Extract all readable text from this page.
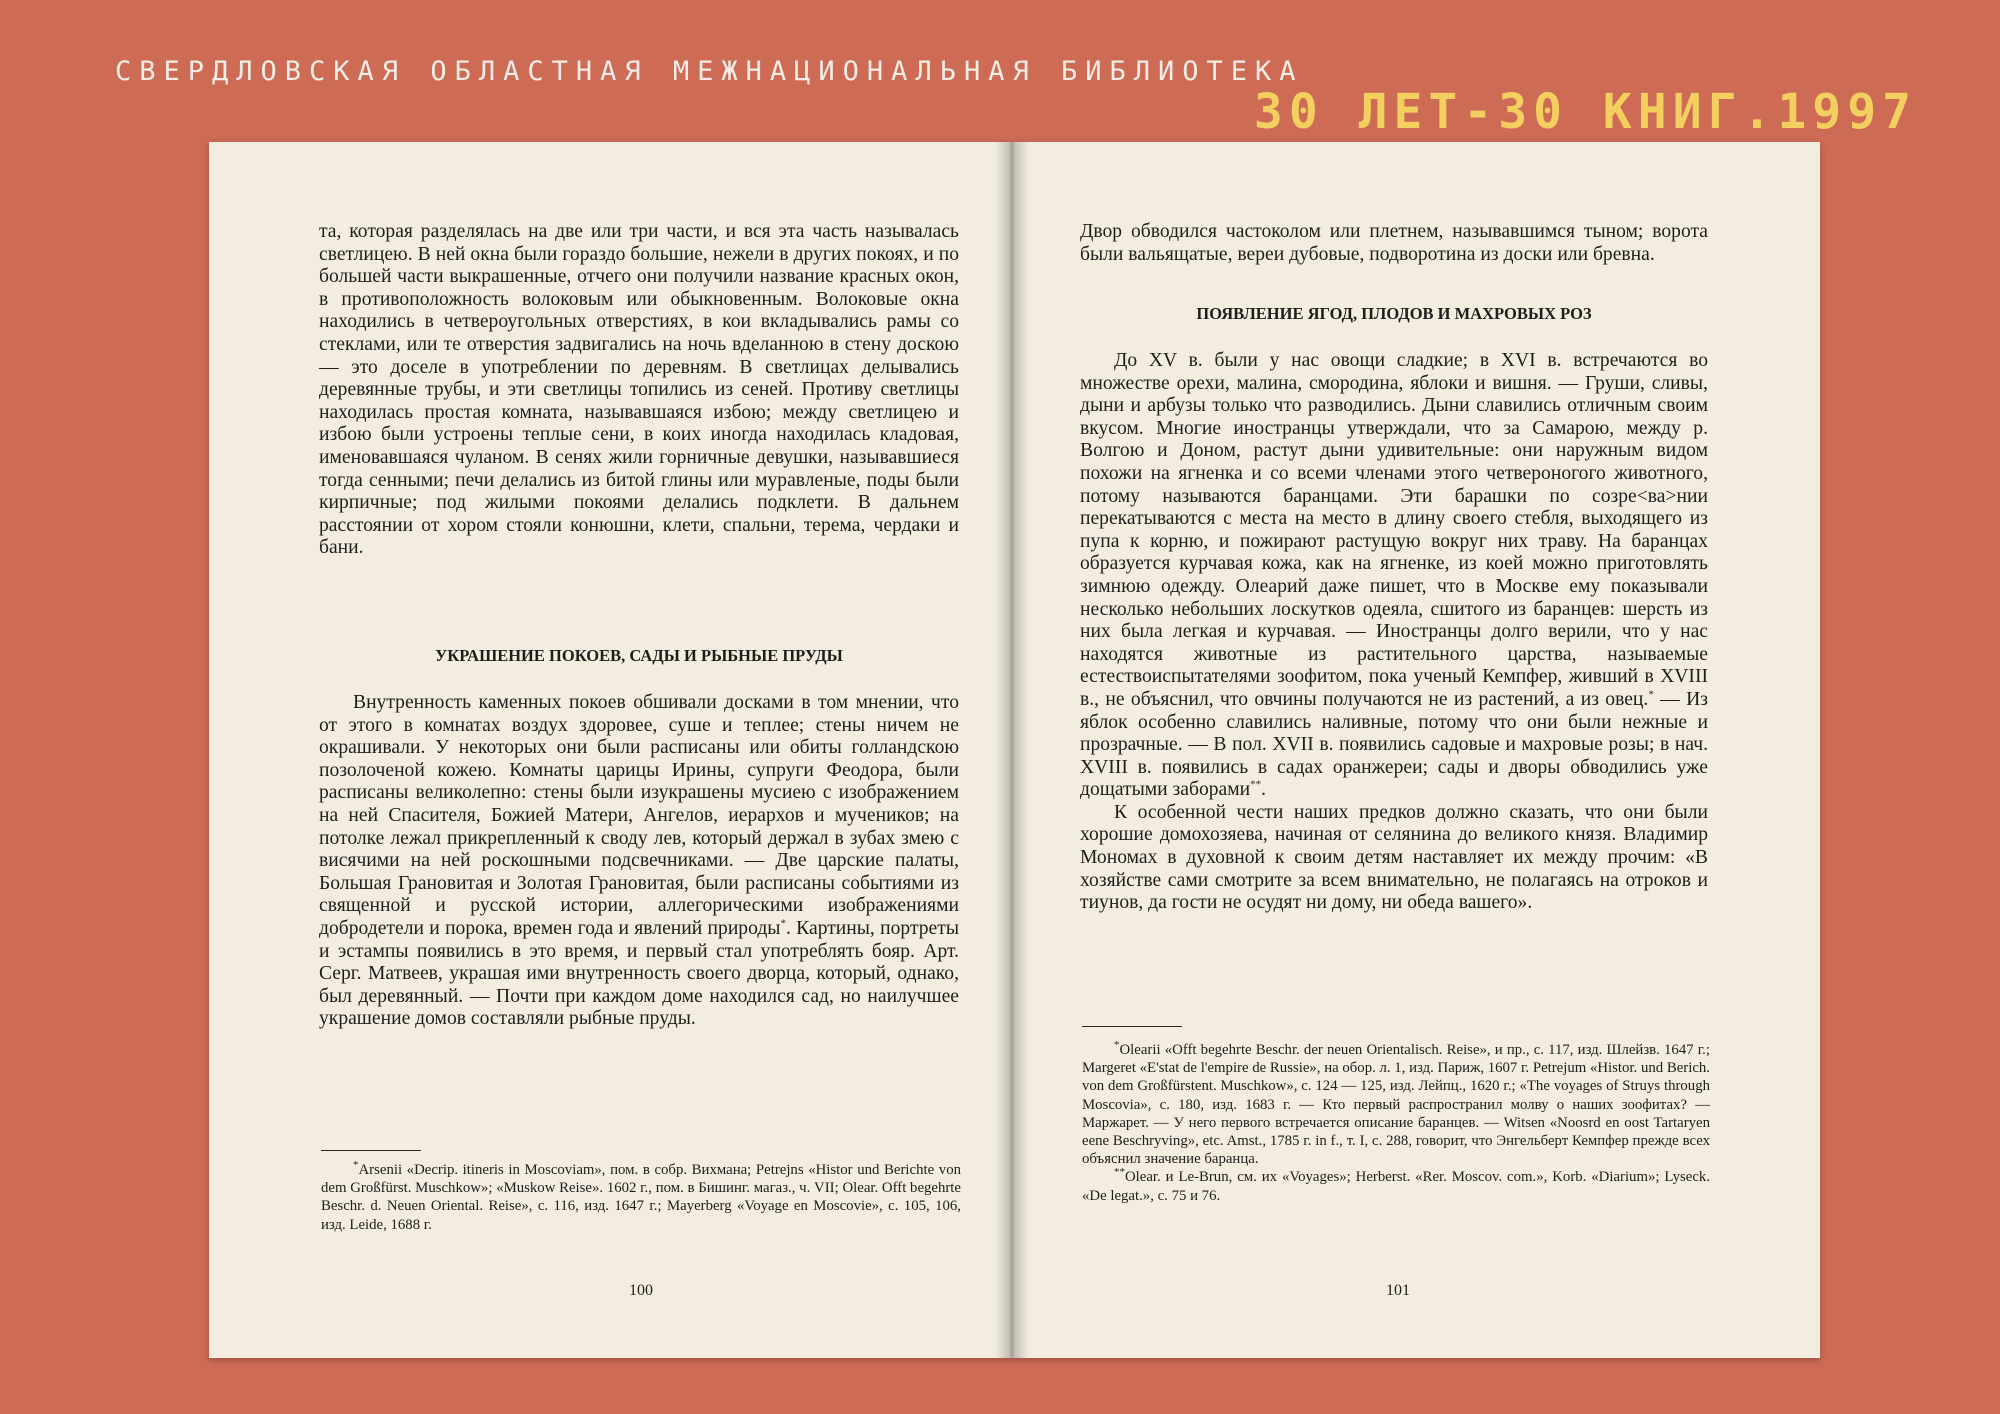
СВЕРДЛОВСКАЯ ОБЛАСТНАЯ МЕЖНАЦИОНАЛЬНАЯ БИБЛИОТЕКА
30 ЛЕТ-30 КНИГ.1997

та, которая разделялась на две или три части, и вся эта часть называлась светлицею. В ней окна были гораздо большие, нежели в других покоях, и по большей части выкрашенные, отчего они получили название красных окон, в противоположность волоковым или обыкновенным. Волоковые окна находились в четвероугольных отверстиях, в кои вкладывались рамы со стеклами, или те отверстия задвигались на ночь вделанною в стену доскою — это доселе в употреблении по деревням. В светлицах делывались деревянные трубы, и эти светлицы топились из сеней. Противу светлицы находилась простая комната, называвшаяся избою; между светлицею и избою были устроены теплые сени, в коих иногда находилась кладовая, именовавшаяся чуланом. В сенях жили горничные девушки, называвшиеся тогда сенными; печи делались из битой глины или муравленые, поды были кирпичные; под жилыми покоями делались подклети. В дальнем расстоянии от хором стояли конюшни, клети, спальни, терема, чердаки и бани.

УКРАШЕНИЕ ПОКОЕВ, САДЫ И РЫБНЫЕ ПРУДЫ

Внутренность каменных покоев обшивали досками в том мнении, что от этого в комнатах воздух здоровее, суше и теплее; стены ничем не окрашивали. У некоторых они были расписаны или обиты голландскою позолоченой кожею. Комнаты царицы Ирины, супруги Феодора, были расписаны великолепно: стены были изукрашены мусиею с изображением на ней Спасителя, Божией Матери, Ангелов, иерархов и мучеников; на потолке лежал прикрепленный к своду лев, который держал в зубах змею с висячими на ней роскошными подсвечниками. — Две царские палаты, Большая Грановитая и Золотая Грановитая, были расписаны событиями из священной и русской истории, аллегорическими изображениями добродетели и порока, времен года и явлений природы*. Картины, портреты и эстампы появились в это время, и первый стал употреблять бояр. Арт. Серг. Матвеев, украшая ими внутренность своего дворца, который, однако, был деревянный. — Почти при каждом доме находился сад, но наилучшее украшение домов составляли рыбные пруды.

*Arsenii «Decrip. itineris in Moscoviam», пом. в собр. Вихмана; Petrejns «Histor und Berichte von dem Großfürst. Muschkow»; «Muskow Reise». 1602 г., пом. в Бишинг. магаз., ч. VII; Olear. Offt begehrte Beschr. d. Neuen Oriental. Reise», с. 116, изд. 1647 г.; Mayerberg «Voyage en Moscovie», с. 105, 106, изд. Leide, 1688 г.

100

Двор обводился частоколом или плетнем, называвшимся тыном; ворота были вальящатые, вереи дубовые, подворотина из доски или бревна.

ПОЯВЛЕНИЕ ЯГОД, ПЛОДОВ И МАХРОВЫХ РОЗ

До XV в. были у нас овощи сладкие; в XVI в. встречаются во множестве орехи, малина, смородина, яблоки и вишня. — Груши, сливы, дыни и арбузы только что разводились. Дыни славились отличным своим вкусом. Многие иностранцы утверждали, что за Самарою, между р. Волгою и Доном, растут дыни удивительные: они наружным видом похожи на ягненка и со всеми членами этого четвероногого животного, потому называются баранцами. Эти барашки по созре<ва>нии перекатываются с места на место в длину своего стебля, выходящего из пупа к корню, и пожирают растущую вокруг них траву. На баранцах образуется курчавая кожа, как на ягненке, из коей можно приготовлять зимнюю одежду. Олеарий даже пишет, что в Москве ему показывали несколько небольших лоскутков одеяла, сшитого из баранцев: шерсть из них была легкая и курчавая. — Иностранцы долго верили, что у нас находятся животные из растительного царства, называемые естествоиспытателями зоофитом, пока ученый Кемпфер, живший в XVIII в., не объяснил, что овчины получаются не из растений, а из овец.* — Из яблок особенно славились наливные, потому что они были нежные и прозрачные. — В пол. XVII в. появились садовые и махровые розы; в нач. XVIII в. появились в садах оранжереи; сады и дворы обводились уже дощатыми заборами**.

К особенной чести наших предков должно сказать, что они были хорошие домохозяева, начиная от селянина до великого князя. Владимир Мономах в духовной к своим детям наставляет их между прочим: «В хозяйстве сами смотрите за всем внимательно, не полагаясь на отроков и тиунов, да гости не осудят ни дому, ни обеда вашего».

*Olearii «Offt begehrte Beschr. der neuen Orientalisch. Reise», и пр., с. 117, изд. Шлейзв. 1647 г.; Margeret «E'stat de l'empire de Russie», на обор. л. 1, изд. Париж, 1607 г. Petrejum «Histor. und Berich. von dem Großfürstent. Muschkow», с. 124 — 125, изд. Лейпц., 1620 г.; «The voyages of Struys through Moscovia», с. 180, изд. 1683 г. — Кто первый распространил молву о наших зоофитах? — Маржарет. — У него первого встречается описание баранцев. — Witsen «Noosrd en oost Tartaryen eene Beschryving», etc. Amst., 1785 г. in f., т. I, с. 288, говорит, что Энгельберт Кемпфер прежде всех объяснил значение баранца.

**Olear. и Le-Brun, см. их «Voyages»; Herberst. «Rer. Moscov. com.», Korb. «Diarium»; Lyseck. «De legat.», с. 75 и 76.

101
